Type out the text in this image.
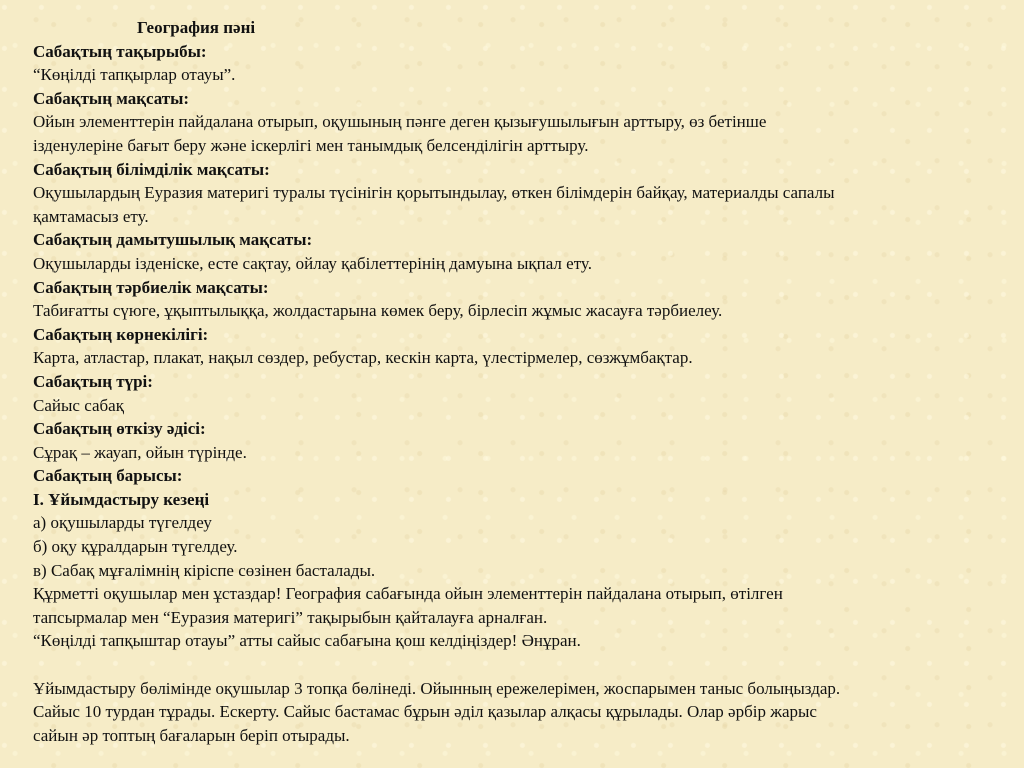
География пәні
Сабақтың тақырыбы:
“Көңілді тапқырлар отауы”.
Сабақтың мақсаты:
Ойын элементтерін пайдалана отырып, оқушының пәнге деген қызығушылығын арттыру, өз бетінше
ізденулеріне бағыт беру және іскерлігі мен танымдық белсенділігін арттыру.
Сабақтың білімділік мақсаты:
Оқушылардың Еуразия материгі туралы түсінігін қорытындылау, өткен білімдерін байқау, материалды сапалы
қамтамасыз ету.
Сабақтың дамытушылық мақсаты:
Оқушыларды ізденіске, есте сақтау, ойлау қабілеттерінің дамуына ықпал ету.
Сабақтың тәрбиелік мақсаты:
Табиғатты сүюге, ұқыптылыққа, жолдастарына көмек беру, бірлесіп жұмыс жасауға тәрбиелеу.
Сабақтың көрнекілігі:
Карта, атластар, плакат, нақыл сөздер, ребустар, кескін карта, үлестірмелер, сөзжұмбақтар.
Сабақтың түрі:
Сайыс сабақ
Сабақтың өткізу әдісі:
Сұрақ – жауап, ойын түрінде.
Сабақтың барысы:
І. Ұйымдастыру кезеңі
а) оқушыларды түгелдеу
б) оқу құралдарын түгелдеу.
в) Сабақ мұғалімнің кіріспе сөзінен басталады.
Құрметті оқушылар мен ұстаздар! География сабағында ойын элементтерін пайдалана отырып, өтілген
тапсырмалар мен “Еуразия материгі” тақырыбын қайталауға арналған.
“Көңілді тапқыштар отауы” атты сайыс сабағына қош келдіңіздер! Әнұран.
Ұйымдастыру бөлімінде оқушылар 3 топқа бөлінеді. Ойынның ережелерімен, жоспарымен таныс болыңыздар.
Сайыс 10 турдан тұрады. Ескерту. Сайыс бастамас бұрын әділ қазылар алқасы құрылады. Олар әрбір жарыс
сайын әр топтың бағаларын беріп отырады.
